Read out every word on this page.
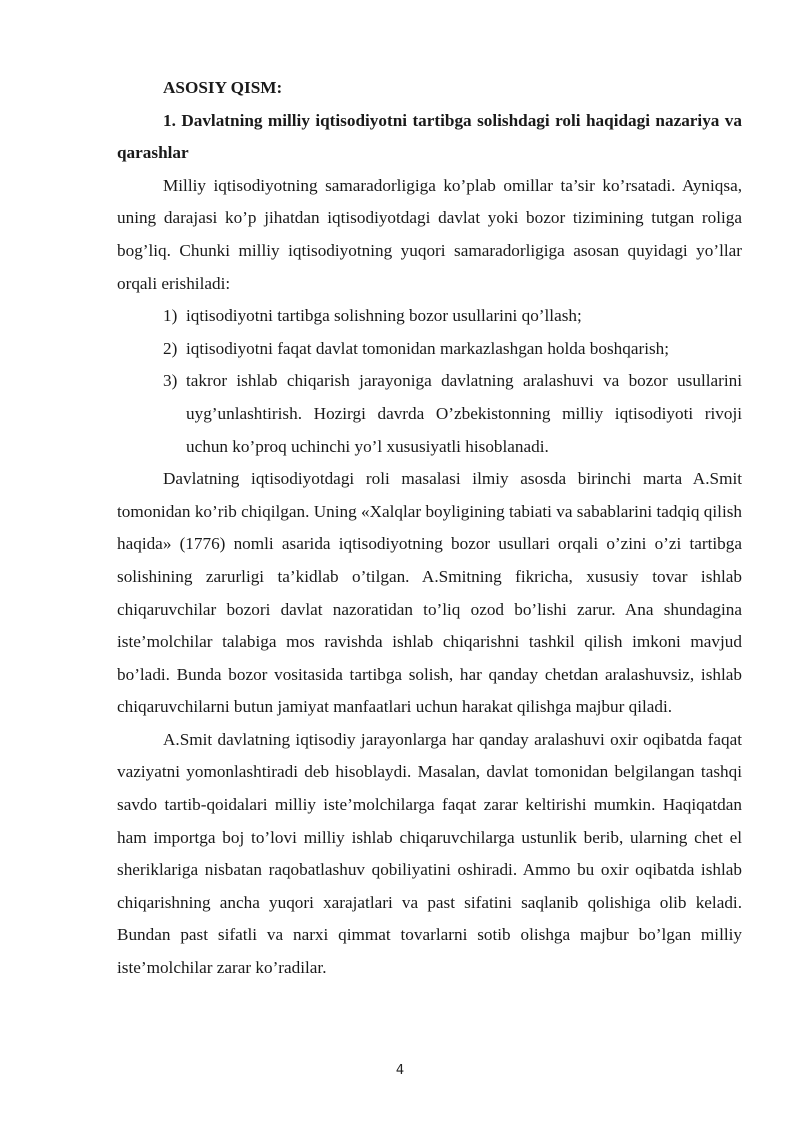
ASOSIY QISM:

1. Davlatning milliy iqtisodiyotni tartibga solishdagi roli haqidagi nazariya va qarashlar

Milliy iqtisodiyotning samaradorligiga ko’plab omillar ta’sir ko’rsatadi. Ayniqsa, uning darajasi ko’p jihatdan iqtisodiyotdagi davlat yoki bozor tizimining tutgan roliga bog’liq. Chunki milliy iqtisodiyotning yuqori samaradorligiga asosan quyidagi yo’llar orqali erishiladi:

1) iqtisodiyotni tartibga solishning bozor usullarini qo’llash;
2) iqtisodiyotni faqat davlat tomonidan markazlashgan holda boshqarish;
3) takror ishlab chiqarish jarayoniga davlatning aralashuvi va bozor usullarini uyg’unlashtirish. Hozirgi davrda O’zbekistonning milliy iqtisodiyoti rivoji uchun ko’proq uchinchi yo’l xususiyatli hisoblanadi.

Davlatning iqtisodiyotdagi roli masalasi ilmiy asosda birinchi marta A.Smit tomonidan ko’rib chiqilgan. Uning «Xalqlar boyligining tabiati va sabablarini tadqiq qilish haqida» (1776) nomli asarida iqtisodiyotning bozor usullari orqali o’zini o’zi tartibga solishining zarurligi ta’kidlab o’tilgan. A.Smitning fikricha, xususiy tovar ishlab chiqaruvchilar bozori davlat nazoratidan to’liq ozod bo’lishi zarur. Ana shundagina iste’molchilar talabiga mos ravishda ishlab chiqarishni tashkil qilish imkoni mavjud bo’ladi. Bunda bozor vositasida tartibga solish, har qanday chetdan aralashuvsiz, ishlab chiqaruvchilarni butun jamiyat manfaatlari uchun harakat qilishga majbur qiladi.

A.Smit davlatning iqtisodiy jarayonlarga har qanday aralashuvi oxir oqibatda faqat vaziyatni yomonlashtiradi deb hisoblaydi. Masalan, davlat tomonidan belgilangan tashqi savdo tartib-qoidalari milliy iste’molchilarga faqat zarar keltirishi mumkin. Haqiqatdan ham importga boj to’lovi milliy ishlab chiqaruvchilarga ustunlik berib, ularning chet el sheriklariga nisbatan raqobatlashuv qobiliyatini oshiradi. Ammo bu oxir oqibatda ishlab chiqarishning ancha yuqori xarajatlari va past sifatini saqlanib qolishiga olib keladi. Bundan past sifatli va narxi qimmat tovarlarni sotib olishga majbur bo’lgan milliy iste’molchilar zarar ko’radilar.

4
